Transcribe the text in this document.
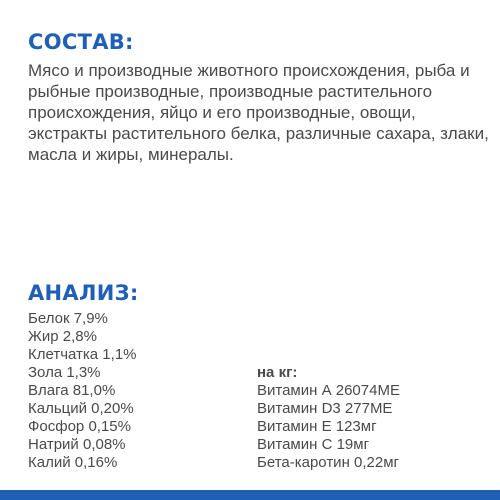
СОСТАВ:

Мясо и производные животного происхождения, рыба и рыбные производные, производные растительного происхождения, яйцо и его производные, овощи, экстракты растительного белка, различные сахара, злаки, масла и жиры, минералы.

АНАЛИЗ:
Белок 7,9%
Жир 2,8%
Клетчатка 1,1%
Зола 1,3%
Влага 81,0%
Кальций 0,20%
Фосфор 0,15%
Натрий 0,08%
Калий 0,16%
на кг:
Витамин А 26074МЕ
Витамин D3 277МЕ
Витамин Е 123мг
Витамин С 19мг
Бета-каротин 0,22мг
